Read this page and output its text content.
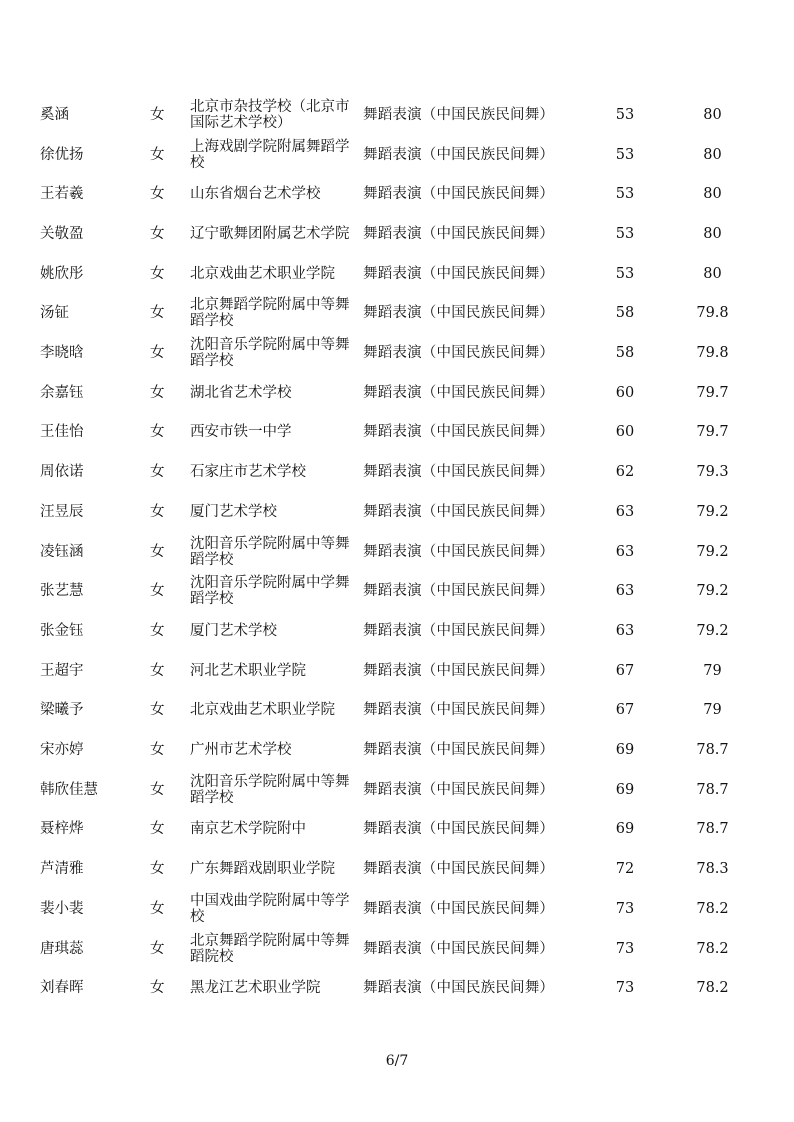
奚涵	女	北京市杂技学校（北京市
国际艺术学校）	舞蹈表演（中国民族民间舞）	53	80
徐优扬	女	上海戏剧学院附属舞蹈学
校	舞蹈表演（中国民族民间舞）	53	80
王若羲	女	山东省烟台艺术学校	舞蹈表演（中国民族民间舞）	53	80
关敬盈	女	辽宁歌舞团附属艺术学院 舞蹈表演（中国民族民间舞）	53	80
姚欣彤	女	北京戏曲艺术职业学院	舞蹈表演（中国民族民间舞）	53	80
汤钲	女	北京舞蹈学院附属中等舞
蹈学校	舞蹈表演（中国民族民间舞）	58	79.8
李晓晗	女	沈阳音乐学院附属中等舞
蹈学校	舞蹈表演（中国民族民间舞）	58	79.8
余嘉钰	女	湖北省艺术学校	舞蹈表演（中国民族民间舞）	60	79.7
王佳怡	女	西安市铁一中学	舞蹈表演（中国民族民间舞）	60	79.7
周依诺	女	石家庄市艺术学校	舞蹈表演（中国民族民间舞）	62	79.3
汪昱辰	女	厦门艺术学校	舞蹈表演（中国民族民间舞）	63	79.2
凌钰涵	女	沈阳音乐学院附属中等舞
蹈学校	舞蹈表演（中国民族民间舞）	63	79.2
张艺慧	女	沈阳音乐学院附属中学舞
蹈学校	舞蹈表演（中国民族民间舞）	63	79.2
张金钰	女	厦门艺术学校	舞蹈表演（中国民族民间舞）	63	79.2
王超宇	女	河北艺术职业学院	舞蹈表演（中国民族民间舞）	67	79
梁曦予	女	北京戏曲艺术职业学院	舞蹈表演（中国民族民间舞）	67	79
宋亦婷	女	广州市艺术学校	舞蹈表演（中国民族民间舞）	69	78.7
韩欣佳慧	女	沈阳音乐学院附属中等舞
蹈学校	舞蹈表演（中国民族民间舞）	69	78.7
聂梓烨	女	南京艺术学院附中	舞蹈表演（中国民族民间舞）	69	78.7
芦清雅	女	广东舞蹈戏剧职业学院	舞蹈表演（中国民族民间舞）	72	78.3
裴小裴	女	中国戏曲学院附属中等学
校	舞蹈表演（中国民族民间舞）	73	78.2
唐琪蕊	女	北京舞蹈学院附属中等舞
蹈院校	舞蹈表演（中国民族民间舞）	73	78.2
刘春晖	女	黑龙江艺术职业学院	舞蹈表演（中国民族民间舞）	73	78.2
6/7
